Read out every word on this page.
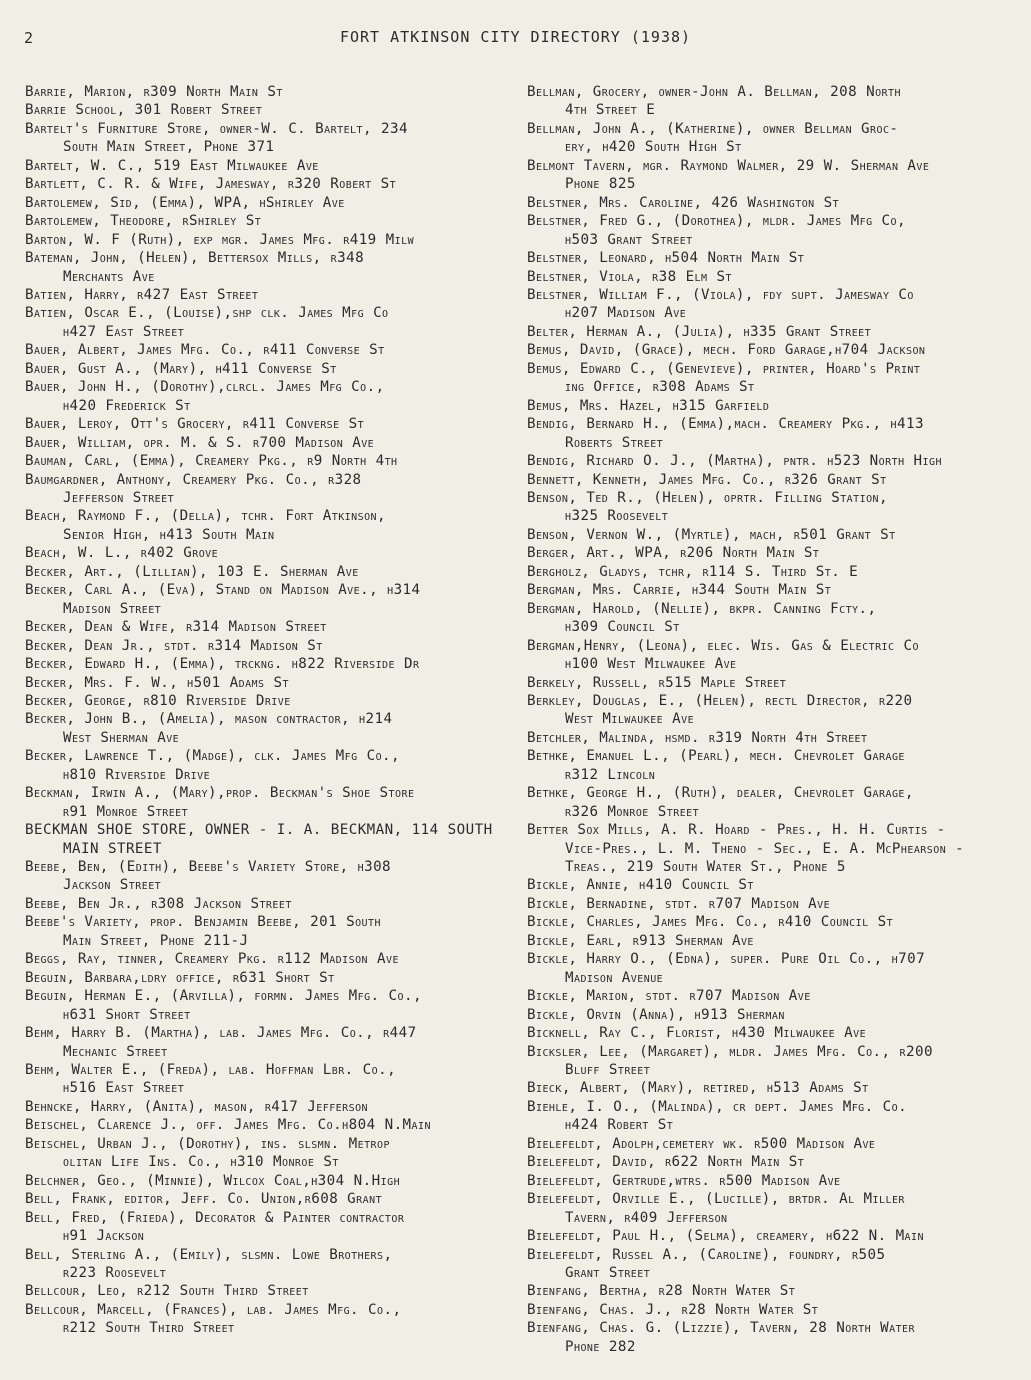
2	FORT ATKINSON CITY DIRECTORY (1938)
Barrie, Marion, r309 North Main St
Barrie School, 301 Robert Street
Bartelt's Furniture Store, owner-W. C. Bartelt, 234
South Main Street, Phone 371
Bartelt, W. C., 519 East Milwaukee Ave
Bartlett, C. R. & Wife, Jamesway, r320 Robert St
Bartolemew, Sid, (Emma), WPA, hShirley Ave
Bartolemew, Theodore, rShirley St
Barton, W. F (Ruth), exp mgr. James Mfg. r419 Milw
Bateman, John, (Helen), Bettersox Mills, r348
Merchants Ave
Batien, Harry, r427 East Street
Batien, Oscar E., (Louise),shp clk. James Mfg Co
h427 East Street
Bauer, Albert, James Mfg. Co., r411 Converse St
Bauer, Gust A., (Mary), h411 Converse St
Bauer, John H., (Dorothy),clrcl. James Mfg Co.,
h420 Frederick St
Bauer, Leroy, Ott's Grocery, r411 Converse St
Bauer, William, opr. M. & S. r700 Madison Ave
Bauman, Carl, (Emma), Creamery Pkg., r9 North 4th
Baumgardner, Anthony, Creamery Pkg. Co., r328
Jefferson Street
Beach, Raymond F., (Della), tchr. Fort Atkinson,
Senior High, h413 South Main
Beach, W. L., r402 Grove
Becker, Art., (Lillian), 103 E. Sherman Ave
Becker, Carl A., (Eva), Stand on Madison Ave., h314
Madison Street
Becker, Dean & Wife, r314 Madison Street
Becker, Dean Jr., stdt. r314 Madison St
Becker, Edward H., (Emma), trckng. h822 Riverside Dr
Becker, Mrs. F. W., h501 Adams St
Becker, George, r810 Riverside Drive
Becker, John B., (Amelia), mason contractor, h214
West Sherman Ave
Becker, Lawrence T., (Madge), clk. James Mfg Co.,
h810 Riverside Drive
Beckman, Irwin A., (Mary),prop. Beckman's Shoe Store
r91 Monroe Street
BECKMAN SHOE STORE, OWNER - I. A. BECKMAN, 114 SOUTH
MAIN STREET
Beebe, Ben, (Edith), Beebe's Variety Store, h308
Jackson Street
Beebe, Ben Jr., r308 Jackson Street
Beebe's Variety, prop. Benjamin Beebe, 201 South
Main Street, Phone 211-J
Beggs, Ray, tinner, Creamery Pkg. r112 Madison Ave
Beguin, Barbara,ldry office, r631 Short St
Beguin, Herman E., (Arvilla), formn. James Mfg. Co.,
h631 Short Street
Behm, Harry B. (Martha), lab. James Mfg. Co., r447
Mechanic Street
Behm, Walter E., (Freda), lab. Hoffman Lbr. Co.,
h516 East Street
Behncke, Harry, (Anita), mason, r417 Jefferson
Beischel, Clarence J., off. James Mfg. Co.h804 N.Main
Beischel, Urban J., (Dorothy), ins. slsmn. Metrop
olitan Life Ins. Co., h310 Monroe St
Belchner, Geo., (Minnie), Wilcox Coal,h304 N.High
Bell, Frank, editor, Jeff. Co. Union,r608 Grant
Bell, Fred, (Frieda), Decorator & Painter contractor
h91 Jackson
Bell, Sterling A., (Emily), slsmn. Lowe Brothers,
r223 Roosevelt
Bellcour, Leo, r212 South Third Street
Bellcour, Marcell, (Frances), lab. James Mfg. Co.,
r212 South Third Street
Bellman, Grocery, owner-John A. Bellman, 208 North
4th Street E
Bellman, John A., (Katherine), owner Bellman Groc-
ery, h420 South High St
Belmont Tavern, mgr. Raymond Walmer, 29 W. Sherman Ave
Phone 825
Belstner, Mrs. Caroline, 426 Washington St
Belstner, Fred G., (Dorothea), mldr. James Mfg Co,
h503 Grant Street
Belstner, Leonard, h504 North Main St
Belstner, Viola, r38 Elm St
Belstner, William F., (Viola), fdy supt. Jamesway Co
h207 Madison Ave
Belter, Herman A., (Julia), h335 Grant Street
Bemus, David, (Grace), mech. Ford Garage,h704 Jackson
Bemus, Edward C., (Genevieve), printer, Hoard's Print
ing Office, r308 Adams St
Bemus, Mrs. Hazel, h315 Garfield
Bendig, Bernard H., (Emma),mach. Creamery Pkg., h413
Roberts Street
Bendig, Richard O. J., (Martha), pntr. h523 North High
Bennett, Kenneth, James Mfg. Co., r326 Grant St
Benson, Ted R., (Helen), oprtr. Filling Station,
h325 Roosevelt
Benson, Vernon W., (Myrtle), mach, r501 Grant St
Berger, Art., WPA, r206 North Main St
Bergholz, Gladys, tchr, r114 S. Third St. E
Bergman, Mrs. Carrie, h344 South Main St
Bergman, Harold, (Nellie), bkpr. Canning Fcty.,
h309 Council St
Bergman,Henry, (Leona), elec. Wis. Gas & Electric Co
h100 West Milwaukee Ave
Berkely, Russell, r515 Maple Street
Berkley, Douglas, E., (Helen), rectl Director, r220
West Milwaukee Ave
Betchler, Malinda, hsmd. r319 North 4th Street
Bethke, Emanuel L., (Pearl), mech. Chevrolet Garage
r312 Lincoln
Bethke, George H., (Ruth), dealer, Chevrolet Garage,
r326 Monroe Street
Better Sox Mills, A. R. Hoard - Pres., H. H. Curtis -
Vice-Pres., L. M. Theno - Sec., E. A. McPhearson -
Treas., 219 South Water St., Phone 5
Bickle, Annie, h410 Council St
Bickle, Bernadine, stdt. r707 Madison Ave
Bickle, Charles, James Mfg. Co., r410 Council St
Bickle, Earl, r913 Sherman Ave
Bickle, Harry O., (Edna), super. Pure Oil Co., h707
Madison Avenue
Bickle, Marion, stdt. r707 Madison Ave
Bickle, Orvin (Anna), h913 Sherman
Bicknell, Ray C., Florist, h430 Milwaukee Ave
Bicksler, Lee, (Margaret), mldr. James Mfg. Co., r200
Bluff Street
Bieck, Albert, (Mary), retired, h513 Adams St
Biehle, I. O., (Malinda), cr dept. James Mfg. Co.
h424 Robert St
Bielefeldt, Adolph,cemetery wk. r500 Madison Ave
Bielefeldt, David, r622 North Main St
Bielefeldt, Gertrude,wtrs. r500 Madison Ave
Bielefeldt, Orville E., (Lucille), brtdr. Al Miller
Tavern, r409 Jefferson
Bielefeldt, Paul H., (Selma), creamery, h622 N. Main
Bielefeldt, Russel A., (Caroline), foundry, r505
Grant Street
Bienfang, Bertha, r28 North Water St
Bienfang, Chas. J., r28 North Water St
Bienfang, Chas. G. (Lizzie), Tavern, 28 North Water
Phone 282
